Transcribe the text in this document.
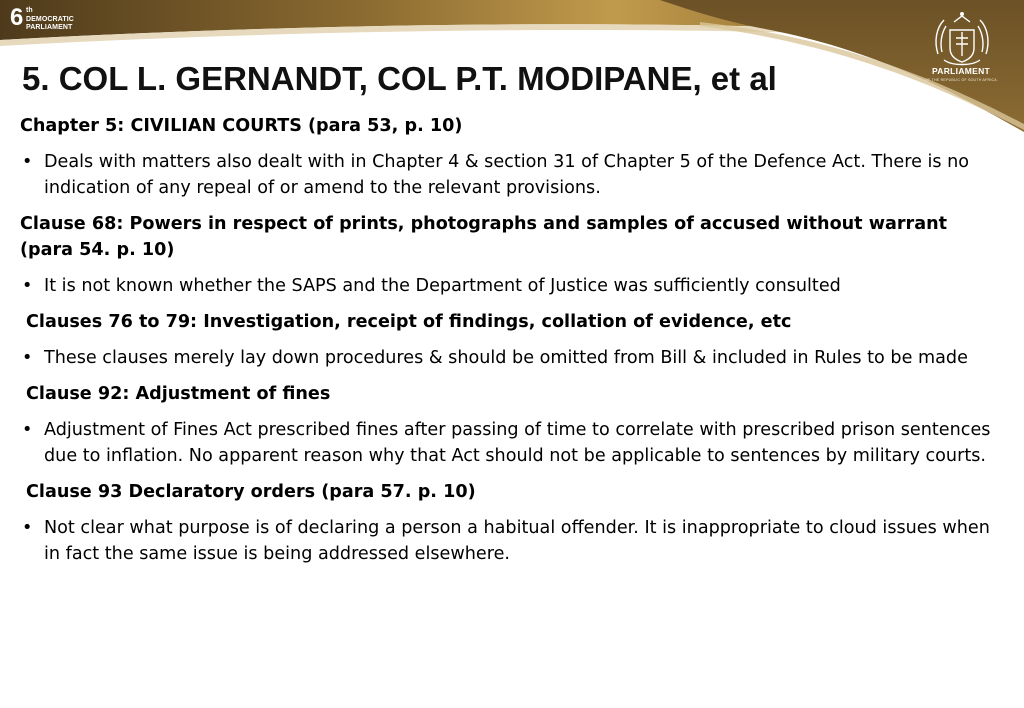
6 th
DEMOCRATIC
PARLIAMENT
PARLIAMENT
OF THE REPUBLIC OF SOUTH AFRICA
5. COL L. GERNANDT, COL P.T. MODIPANE, et al
Chapter 5: CIVILIAN COURTS (para 53, p. 10)
• Deals with matters also dealt with in Chapter 4 & section 31 of Chapter 5 of the Defence Act. There is no indication of any repeal of or amend to the relevant provisions.
Clause 68: Powers in respect of prints, photographs and samples of accused without warrant (para 54. p. 10)
• It is not known whether the SAPS and the Department of Justice was sufficiently consulted
Clauses 76 to 79: Investigation, receipt of findings, collation of evidence, etc
• These clauses merely lay down procedures & should be omitted from Bill & included in Rules to be made
Clause 92: Adjustment of fines
• Adjustment of Fines Act prescribed fines after passing of time to correlate with prescribed prison sentences due to inflation. No apparent reason why that Act should not be applicable to sentences by military courts.
Clause 93 Declaratory orders (para 57. p. 10)
• Not clear what purpose is of declaring a person a habitual offender. It is inappropriate to cloud issues when in fact the same issue is being addressed elsewhere.
